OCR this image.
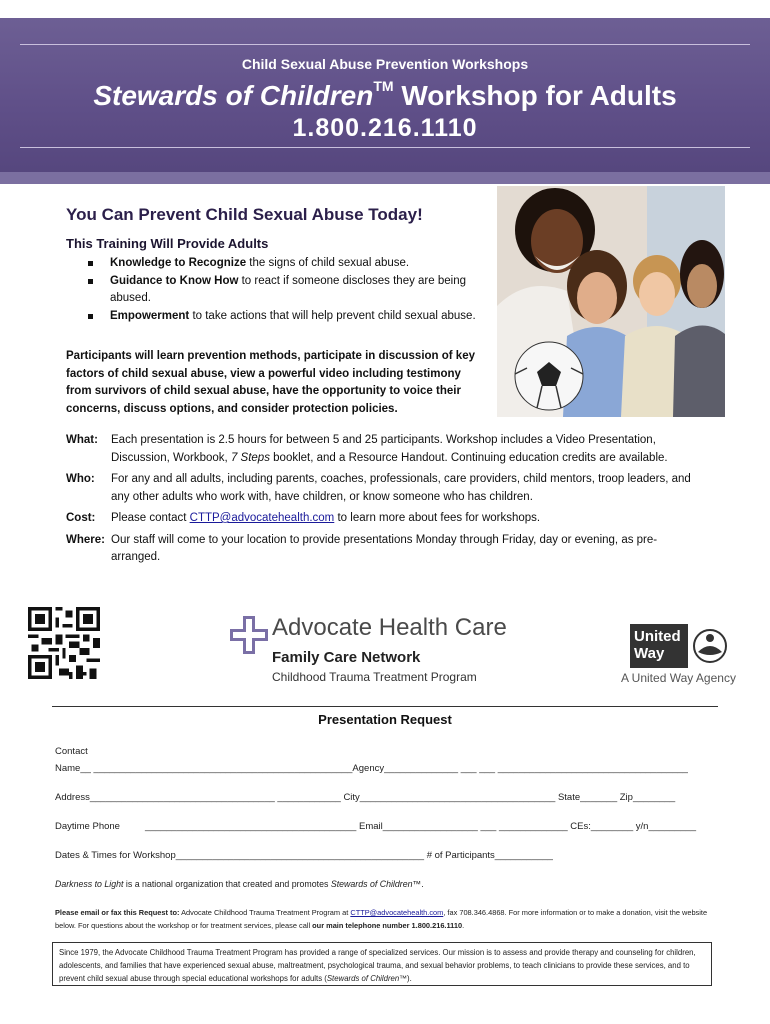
Child Sexual Abuse Prevention Workshops
Stewards of Children™ Workshop for Adults
1.800.216.1110
You Can Prevent Child Sexual Abuse Today!
This Training Will Provide Adults
Knowledge to Recognize the signs of child sexual abuse.
Guidance to Know How to react if someone discloses they are being abused.
Empowerment to take actions that will help prevent child sexual abuse.
Participants will learn prevention methods, participate in discussion of key factors of child sexual abuse, view a powerful video including testimony from survivors of child sexual abuse, have the opportunity to voice their concerns, discuss options, and consider protection policies.
What:	Each presentation is 2.5 hours for between 5 and 25 participants. Workshop includes a Video Presentation, Discussion, Workbook, 7 Steps booklet, and a Resource Handout. Continuing education credits are available.
Who:	For any and all adults, including parents, coaches, professionals, care providers, child mentors, troop leaders, and any other adults who work with, have children, or know someone who has children.
Cost:	Please contact CTTP@advocatehealth.com to learn more about fees for workshops.
Where: Our staff will come to your location to provide presentations Monday through Friday, day or evening, as pre-arranged.
Advocate Health Care
Family Care Network
Childhood Trauma Treatment Program
United
Way
A United Way Agency
Presentation Request
Contact
Name__ _________________________________________________Agency______________ ___ ___ ____________________________________
Address___________________________________ ____________ City_____________________________________ State_______ Zip________
Daytime Phone	________________________________________ Email__________________ ___ _____________ CEs:________ y/n_________
Dates & Times for Workshop_______________________________________________ # of Participants___________
Darkness to Light is a national organization that created and promotes Stewards of Children™.
Please email or fax this Request to: Advocate Childhood Trauma Treatment Program at CTTP@advocatehealth.com, fax 708.346.4868. For more information or to make a donation, visit the website below. For questions about the workshop or for treatment services, please call our main telephone number 1.800.216.1110.
Since 1979, the Advocate Childhood Trauma Treatment Program has provided a range of specialized services. Our mission is to assess and provide therapy and counseling for children, adolescents, and families that have experienced sexual abuse, maltreatment, psychological trauma, and sexual behavior problems, to teach clinicians to provide these services, and to prevent child sexual abuse through special educational workshops for adults (Stewards of Children™).
